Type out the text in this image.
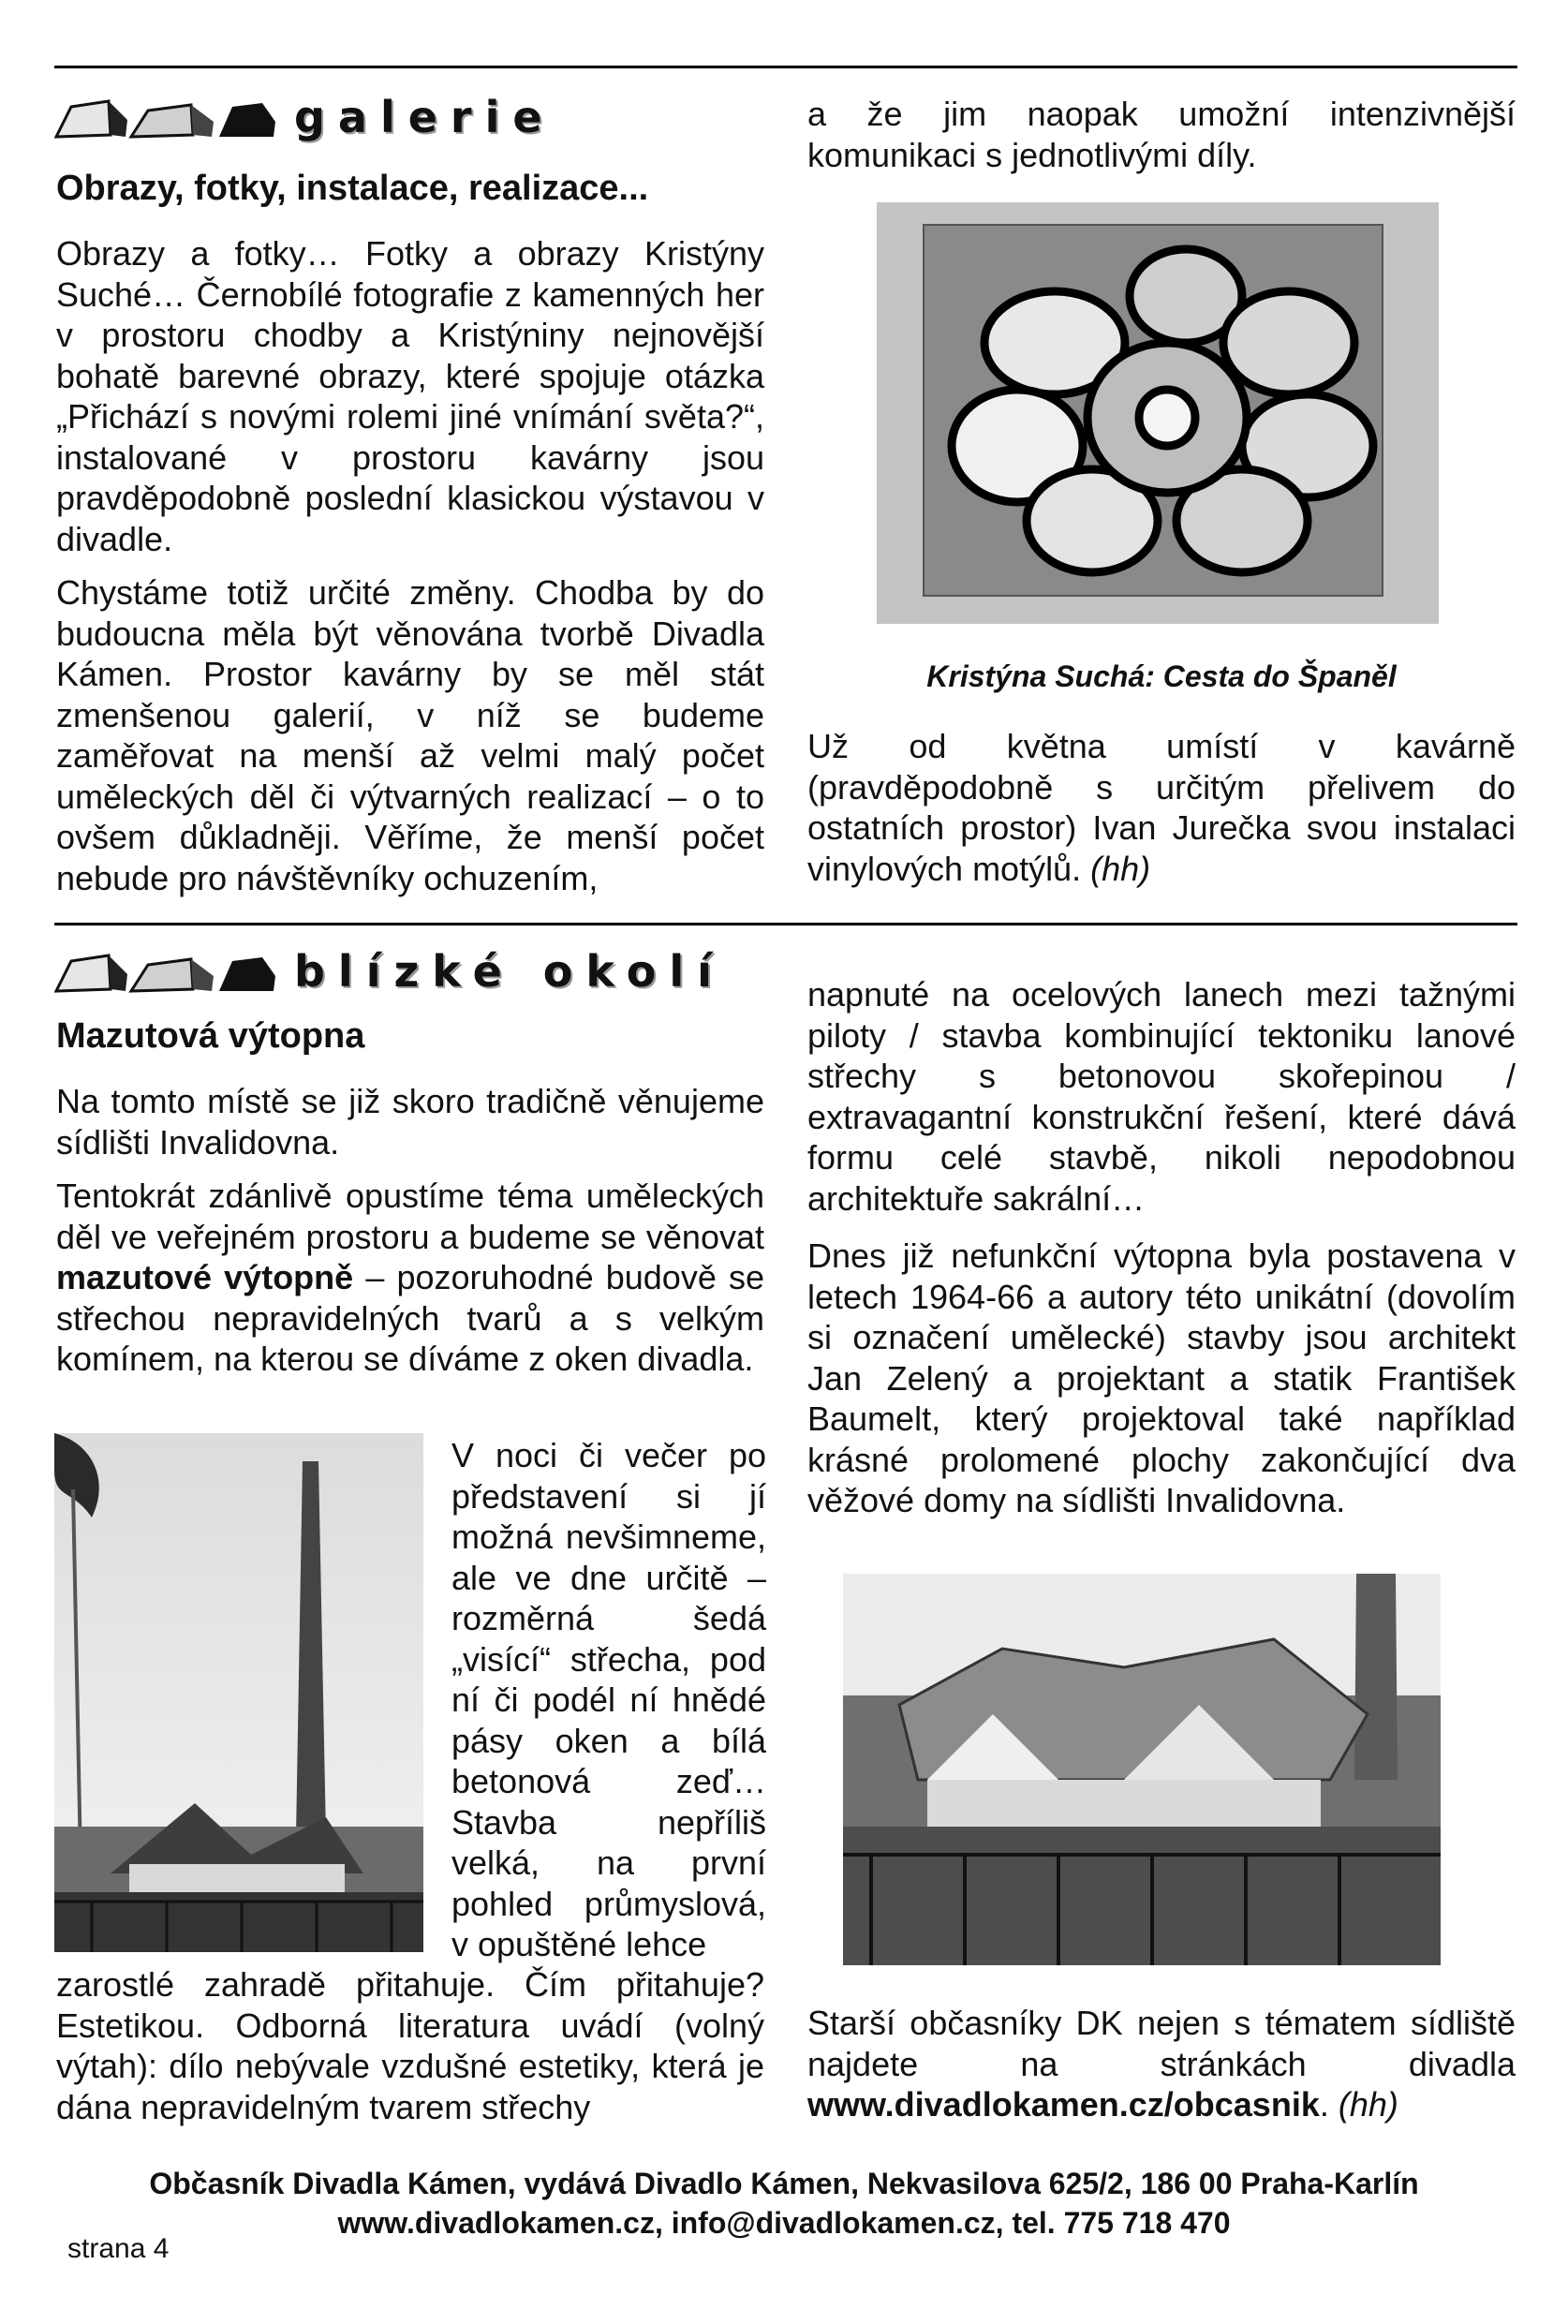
galerie
Obrazy, fotky, instalace, realizace...

Obrazy a fotky… Fotky a obrazy Kristýny Suché… Černobílé fotografie z kamenných her v prostoru chodby a Kristýniny nejnovější bohatě barevné obrazy, které spojuje otázka „Přichází s novými rolemi jiné vnímání světa?“, instalované v prostoru kavárny jsou pravděpodobně poslední klasickou výstavou v divadle.

Chystáme totiž určité změny. Chodba by do budoucna měla být věnována tvorbě Divadla Kámen. Prostor kavárny by se měl stát zmenšenou galerií, v níž se budeme zaměřovat na menší až velmi malý počet uměleckých děl či výtvarných realizací – o to ovšem důkladněji. Věříme, že menší počet nebude pro návštěvníky ochuzením,

a že jim naopak umožní intenzivnější komunikaci s jednotlivými díly.

Kristýna Suchá: Cesta do Španěl

Už od května umístí v kavárně (pravděpodobně s určitým přelivem do ostatních prostor) Ivan Jurečka svou instalaci vinylových motýlů. (hh)

blízké okolí
Mazutová výtopna

Na tomto místě se již skoro tradičně věnujeme sídlišti Invalidovna.

Tentokrát zdánlivě opustíme téma uměleckých děl ve veřejném prostoru a budeme se věnovat mazutové výtopně – pozoruhodné budově se střechou nepravidelných tvarů a s velkým komínem, na kterou se díváme z oken divadla.

V noci či večer po představení si jí možná nevšimneme, ale ve dne určitě – rozměrná šedá „visící“ střecha, pod ní či podél ní hnědé pásy oken a bílá betonová zeď… Stavba nepříliš velká, na první pohled průmyslová, v opuštěné lehce

zarostlé zahradě přitahuje. Čím přitahuje? Estetikou. Odborná literatura uvádí (volný výtah): dílo nebývale vzdušné estetiky, která je dána nepravidelným tvarem střechy

napnuté na ocelových lanech mezi tažnými piloty / stavba kombinující tektoniku lanové střechy s betonovou skořepinou / extravagantní konstrukční řešení, které dává formu celé stavbě, nikoli nepodobnou architektuře sakrální…

Dnes již nefunkční výtopna byla postavena v letech 1964-66 a autory této unikátní (dovolím si označení umělecké) stavby jsou architekt Jan Zelený a projektant a statik František Baumelt, který projektoval také například krásné prolomené plochy zakončující dva věžové domy na sídlišti Invalidovna.

Starší občasníky DK nejen s tématem sídliště najdete na stránkách divadla www.divadlokamen.cz/obcasnik. (hh)

Občasník Divadla Kámen, vydává Divadlo Kámen, Nekvasilova 625/2, 186 00 Praha-Karlín
www.divadlokamen.cz, info@divadlokamen.cz, tel. 775 718 470
strana 4
